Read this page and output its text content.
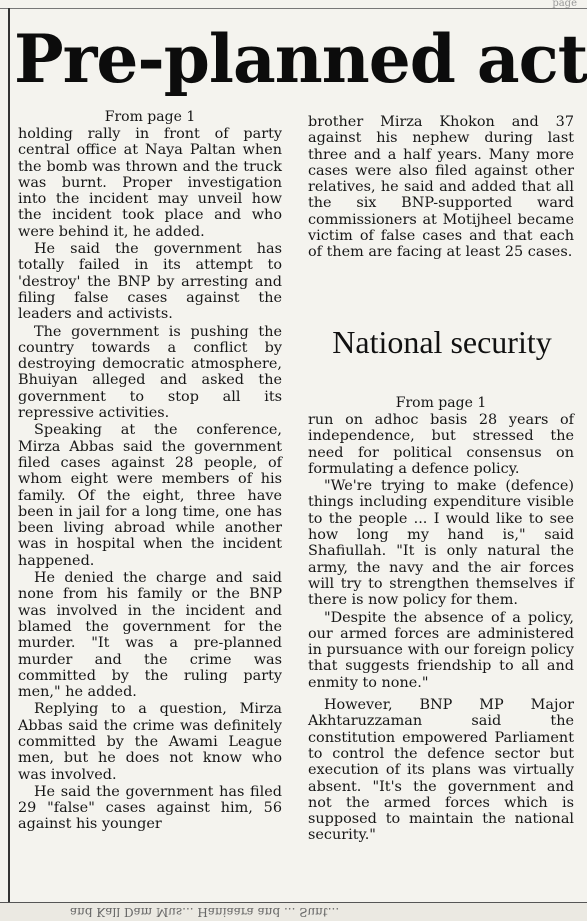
page
Pre-planned act

From page 1

holding rally in front of party central office at Naya Paltan when the bomb was thrown and the truck was burnt. Proper investigation into the incident may unveil how the incident took place and who were behind it, he added.

He said the government has totally failed in its attempt to 'destroy' the BNP by arresting and filing false cases against the leaders and activists.

The government is pushing the country towards a conflict by destroying democratic atmosphere, Bhuiyan alleged and asked the government to stop all its repressive activities.

Speaking at the conference, Mirza Abbas said the government filed cases against 28 people, of whom eight were members of his family. Of the eight, three have been in jail for a long time, one has been living abroad while another was in hospital when the incident happened.

He denied the charge and said none from his family or the BNP was involved in the incident and blamed the government for the murder. "It was a pre-planned murder and the crime was committed by the ruling party men," he added.

Replying to a question, Mirza Abbas said the crime was definitely committed by the Awami League men, but he does not know who was involved.

He said the government has filed 29 "false" cases against him, 56 against his younger

brother Mirza Khokon and 37 against his nephew during last three and a half years. Many more cases were also filed against other relatives, he said and added that all the six BNP-supported ward commissioners at Motijheel became victim of false cases and that each of them are facing at least 25 cases.

National security

From page 1

run on adhoc basis 28 years of independence, but stressed the need for political consensus on formulating a defence policy.

"We're trying to make (defence) things including expenditure visible to the people ... I would like to see how long my hand is," said Shafiullah. "It is only natural the army, the navy and the air forces will try to strengthen themselves if there is now policy for them.

"Despite the absence of a policy, our armed forces are administered in pursuance with our foreign policy that suggests friendship to all and enmity to none."

However, BNP MP Major Akhtaruzzaman said the constitution empowered Parliament to control the defence sector but execution of its plans was virtually absent. "It's the government and not the armed forces which is supposed to maintain the national security."

and Kall Dam Mus... Haniaara and ... Sunt...
